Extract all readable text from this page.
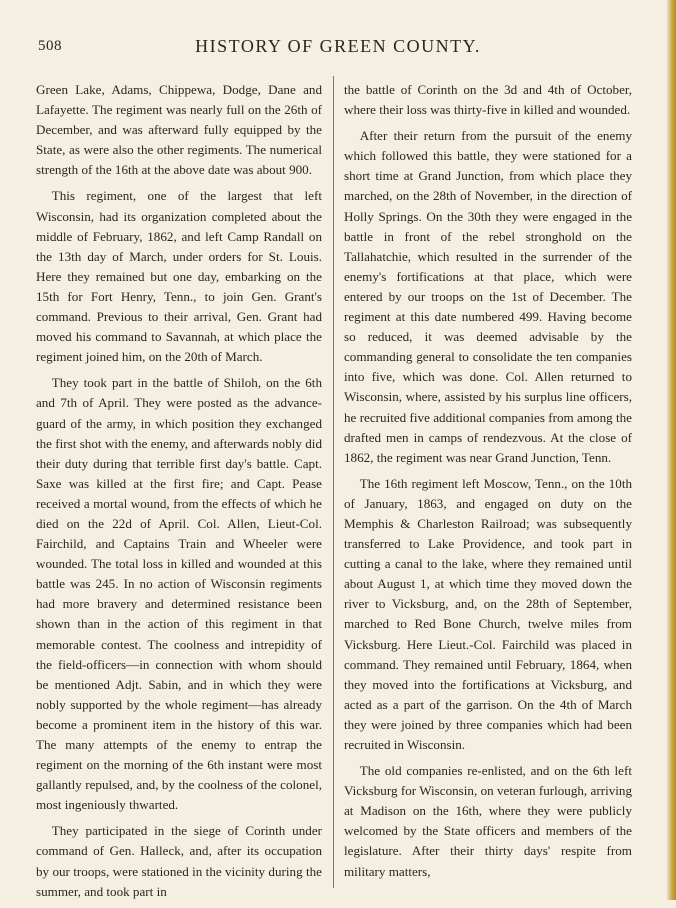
508	HISTORY OF GREEN COUNTY.

Green Lake, Adams, Chippewa, Dodge, Dane and Lafayette. The regiment was nearly full on the 26th of December, and was afterward fully equipped by the State, as were also the other regiments. The numerical strength of the 16th at the above date was about 900.

This regiment, one of the largest that left Wisconsin, had its organization completed about the middle of February, 1862, and left Camp Randall on the 13th day of March, under orders for St. Louis. Here they remained but one day, embarking on the 15th for Fort Henry, Tenn., to join Gen. Grant's command. Previous to their arrival, Gen. Grant had moved his command to Savannah, at which place the regiment joined him, on the 20th of March.

They took part in the battle of Shiloh, on the 6th and 7th of April. They were posted as the advance-guard of the army, in which position they exchanged the first shot with the enemy, and afterwards nobly did their duty during that terrible first day's battle. Capt. Saxe was killed at the first fire; and Capt. Pease received a mortal wound, from the effects of which he died on the 22d of April. Col. Allen, Lieut-Col. Fairchild, and Captains Train and Wheeler were wounded. The total loss in killed and wounded at this battle was 245. In no action of Wisconsin regiments had more bravery and determined resistance been shown than in the action of this regiment in that memorable contest. The coolness and intrepidity of the field-officers—in connection with whom should be mentioned Adjt. Sabin, and in which they were nobly supported by the whole regiment—has already become a prominent item in the history of this war. The many attempts of the enemy to entrap the regiment on the morning of the 6th instant were most gallantly repulsed, and, by the coolness of the colonel, most ingeniously thwarted.

They participated in the siege of Corinth under command of Gen. Halleck, and, after its occupation by our troops, were stationed in the vicinity during the summer, and took part in

the battle of Corinth on the 3d and 4th of October, where their loss was thirty-five in killed and wounded.

After their return from the pursuit of the enemy which followed this battle, they were stationed for a short time at Grand Junction, from which place they marched, on the 28th of November, in the direction of Holly Springs. On the 30th they were engaged in the battle in front of the rebel stronghold on the Tallahatchie, which resulted in the surrender of the enemy's fortifications at that place, which were entered by our troops on the 1st of December. The regiment at this date numbered 499. Having become so reduced, it was deemed advisable by the commanding general to consolidate the ten companies into five, which was done. Col. Allen returned to Wisconsin, where, assisted by his surplus line officers, he recruited five additional companies from among the drafted men in camps of rendezvous. At the close of 1862, the regiment was near Grand Junction, Tenn.

The 16th regiment left Moscow, Tenn., on the 10th of January, 1863, and engaged on duty on the Memphis & Charleston Railroad; was subsequently transferred to Lake Providence, and took part in cutting a canal to the lake, where they remained until about August 1, at which time they moved down the river to Vicksburg, and, on the 28th of September, marched to Red Bone Church, twelve miles from Vicksburg. Here Lieut.-Col. Fairchild was placed in command. They remained until February, 1864, when they moved into the fortifications at Vicksburg, and acted as a part of the garrison. On the 4th of March they were joined by three companies which had been recruited in Wisconsin.

The old companies re-enlisted, and on the 6th left Vicksburg for Wisconsin, on veteran furlough, arriving at Madison on the 16th, where they were publicly welcomed by the State officers and members of the legislature. After their thirty days' respite from military matters,
